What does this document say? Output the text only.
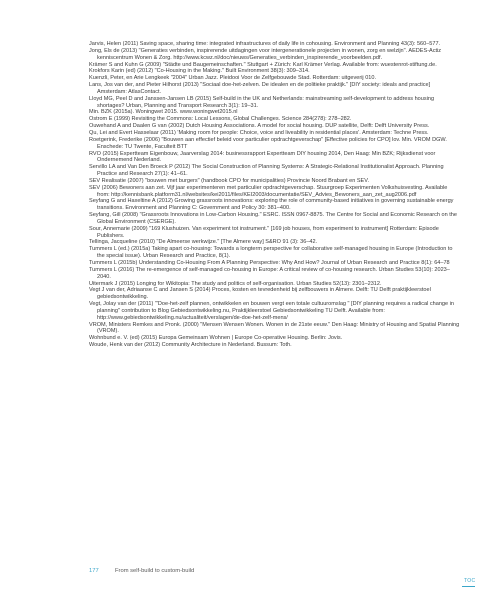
Jarvis, Helen (2011) Saving space, sharing time: integrated infrastructures of daily life in cohousing. Environment and Planning 43(3): 560–577.

Jong, Els de (2013) "Generaties verbinden, inspirerende uitdagingen voor intergenerationele projecten in wonen, zorg en welzijn". AEDES-Actiz kenniscentrum Wonen & Zorg. http://www.kcwz.nl/doc/nieuws/Generaties_verbinden_inspirerende_voorbeelden.pdf.

Krämer S and Kuhn G (2009) "Städte und Baugemeinschaften." Stuttgart + Zürich: Karl Krämer Verlag. Available from: wuestenrot-stiftung.de.

Krokfors Karin (ed) (2012) "Co-Housing in the Making." Built Environment 38(3): 309–314.

Kuenzli, Peter, en Arie Lengkeek "2004" Urban Jazz. Pleidooi Voor de Zelfgebouwde Stad. Rotterdam: uitgeverij 010.

Lans, Jos van der, and Pieter Hilhorst (2013) "Sociaal doe-het-zelven. De idealen en de politieke praktijk." [DIY society: ideals and practice] Amsterdam: AtlasContact.

Lloyd MG, Peel D and Janssen-Jansen LB (2015) Self-build in the UK and Netherlands: mainstreaming self-development to address housing shortages? Urban, Planning and Transport Research 3(1): 19–31.

Min. BZK (2015a). Woningwet 2015. www.woningwet2015.nl

Ostrom E (1999) Revisiting the Commons: Local Lessons, Global Challenges. Science 284(278): 278–282.

Ouwehand A and Daalen G van (2002) Dutch Housing Associations. A model for social housing. DUP satellite, Delft: Delft University Press.

Qu, Lei and Evert Hasselaar (2011) 'Making room for people: Choice, voice and liveability in residential places'. Amsterdam: Techne Press.

Roetgerink, Frederike (2006) "Bouwen aan effectief beleid voor particulier opdrachtgeverschap" [Effective policies for CPO] lov. Min. VROM DGW. Enschede: TU Twente, Faculteit BTT

RVO (2015) Expertteam Eigenbouw, Jaarverslag 2014: businessrapport Expertteam DIY housing 2014, Den Haag: Min BZK; Rijksdienst voor Ondernemend Nederland.

Servillo LA and Van Den Broeck P (2012) The Social Construction of Planning Systems: A Strategic-Relational Institutionalist Approach. Planning Practice and Research 27(1): 41–61.

SEV Realisatie (2007) "bouwen met burgers" (handbook CPO for municipalities) Provincie Noord Brabant en SEV.

SEV (2006) Bewoners aan zet. Vijf jaar experimenteren met particulier opdrachtgeverschap. Stuurgroep Experimenten Volkshuisvesting. Available from: http://kennisbank.platform31.nl/websites/kei2011/files/KEI2003/documentatie/SEV_Advies_Bewoners_aan_zet_aug2006.pdf

Seyfang G and Haxeltine A (2012) Growing grassroots innovations: exploring the role of community-based initiatives in governing sustainable energy transitions. Environment and Planning C: Government and Policy 30: 381–400.

Seyfang, Gill (2008) "Grassroots Innovations in Low-Carbon Housing." ESRC. ISSN 0967-8875. The Centre for Social and Economic Research on the Global Environment (CSERGE).

Sour, Annemarie (2009) "169 Klushuizen. Van experiment tot instrument." [169 job houses, from experiment to instrument] Rotterdam: Episode Publishers.

Tellinga, Jacqueline (2010) "De Almeerse werkwijze." [The Almere way] S&RO 91 (3): 36–42.

Tummers L (ed.) (2015a) Taking apart co-housing: Towards a longterm perspective for collaborative self-managed housing in Europe (Introduction to the special issue). Urban Research and Practice, 8(1).

Tummers L (2015b) Understanding Co-Housing From A Planning Perspective: Why And How? Journal of Urban Research and Practice 8(1): 64–78

Tummers L (2016) The re-emergence of self-managed co-housing in Europe: A critical review of co-housing research. Urban Studies 53(10): 2023–2040.

Uitermark J (2015) Longing for Wikitopia: The study and politics of self-organisation. Urban Studies 52(13): 2301–2312.

Vegt J van der, Adriaanse C and Jansen S (2014) Proces, kosten en tevredenheid bij zelfbouwers in Almere. Delft: TU Delft praktijkleerstoel gebiedsontwikkeling.

Vegt, Jolay van der (2011) "'Doe-het-zelf plannen, ontwikkelen en bouwen vergt een totale cultuuromslag " [DIY planning requires a radical change in planning" contribution to Blog Gebiedsontwikkeling.nu, Praktijkleerstoel Gebiedsontwikkeling TU Delft. Available from: http://www.gebiedsontwikkeling.nu/actualiteit/verslagen/de-doe-het-zelf-mens/

VROM, Ministers Remkes and Pronk. (2000) "Mensen Wensen Wonen. Wonen in de 21ste eeuw." Den Haag: Ministry of Housing and Spatial Planning (VROM).

Wohnbund e. V. (ed) (2015) Europa Gemeinsam Wohnen | Europe Co-operative Housing. Berlin: Jovis.

Woude, Henk van der (2012) Community Architecture in Nederland. Bussum: Toth.

177	From self-build to custom-build
TOC
